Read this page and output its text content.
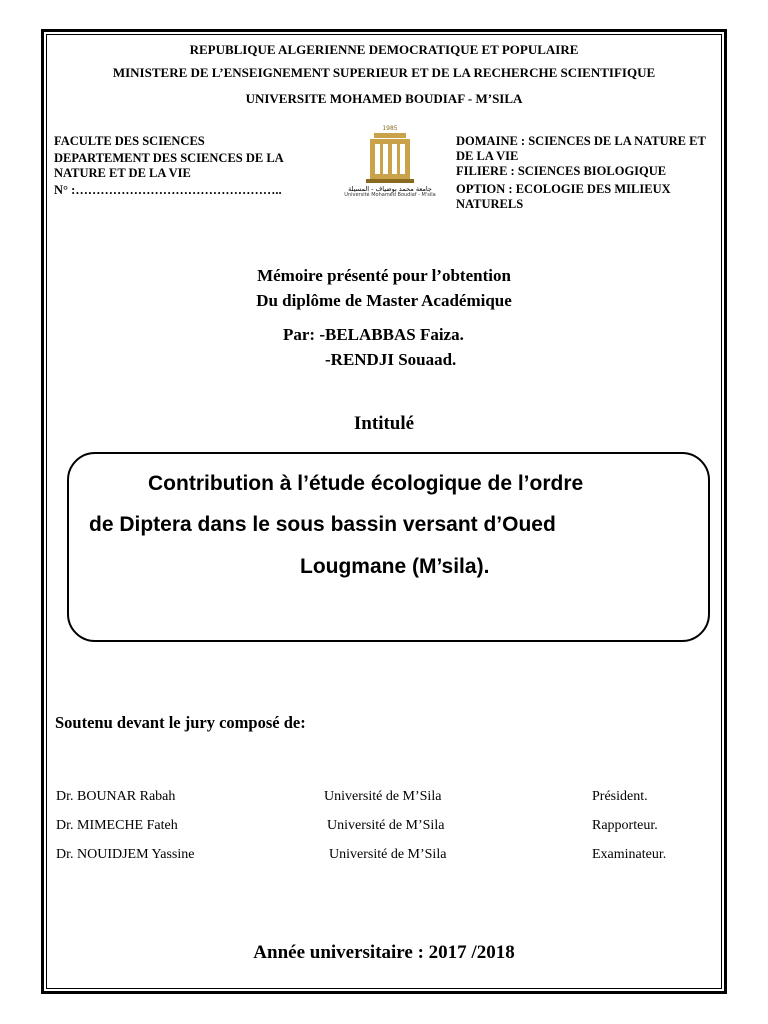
REPUBLIQUE ALGERIENNE DEMOCRATIQUE ET POPULAIRE
MINISTERE DE L’ENSEIGNEMENT SUPERIEUR ET DE LA RECHERCHE SCIENTIFIQUE
UNIVERSITE MOHAMED BOUDIAF - M’SILA
FACULTE DES SCIENCES
DEPARTEMENT DES SCIENCES DE LA NATURE ET DE LA VIE
N° :…………………………………………..
1985
جامعة محمد بوضياف - المسيلة
Université Mohamed Boudiaf - M'sila
DOMAINE : SCIENCES DE LA NATURE ET DE LA VIE
FILIERE : SCIENCES BIOLOGIQUE
OPTION : ECOLOGIE DES MILIEUX NATURELS
Mémoire présenté pour l’obtention
Du diplôme de Master Académique
Par: -BELABBAS Faiza.
-RENDJI Souaad.
Intitulé
Contribution à l’étude écologique de l’ordre
de Diptera dans le sous bassin versant d’Oued
Lougmane (M’sila).
Soutenu devant le jury composé de:
Dr. BOUNAR Rabah	Université de M’Sila	Président.
Dr. MIMECHE Fateh	Université de M’Sila	Rapporteur.
Dr. NOUIDJEM Yassine	Université de M’Sila	Examinateur.
Année universitaire : 2017 /2018
